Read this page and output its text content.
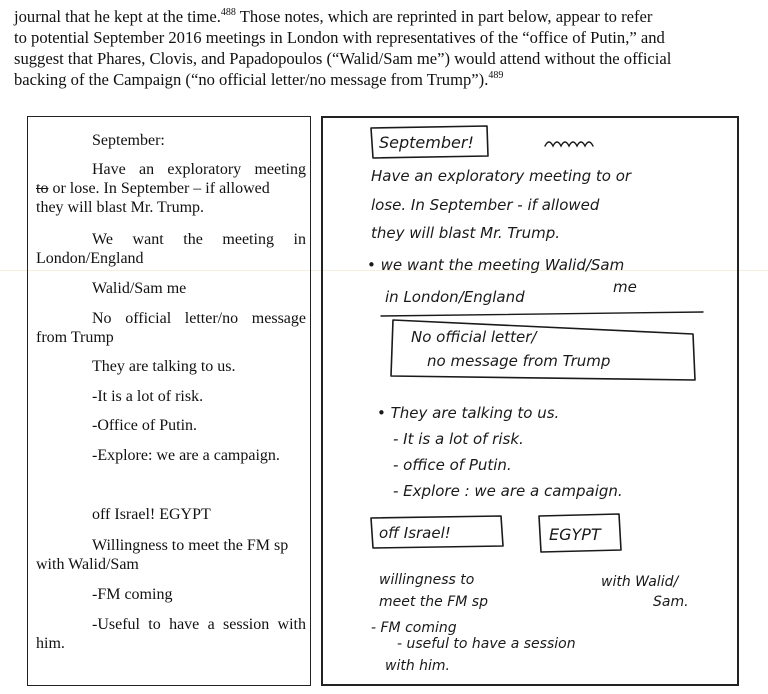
journal that he kept at the time.$^{488}$ Those notes, which are reprinted in part below, appear to refer
to potential September 2016 meetings in London with representatives of the “office of Putin,” and
suggest that Phares, Clovis, and Papadopoulos (“Walid/Sam me”) would attend without the official
backing of the Campaign (“no official letter/no message from Trump”).$^{489}$

September:

Have an exploratory meeting

to or lose. In September – if allowed

they will blast Mr. Trump.

We want the meeting in

London/England

Walid/Sam me

No official letter/no message

from Trump

They are talking to us.

-It is a lot of risk.

-Office of Putin.

-Explore: we are a campaign.

off Israel! EGYPT

Willingness to meet the FM sp

with Walid/Sam

-FM coming

-Useful to have a session with

him.

September!
Have an exploratory meeting to or
lose. In September - if allowed
they will blast Mr. Trump.
• we want the meeting Walid/Sam
me
in London/England
No official letter/
no message from Trump
• They are talking to us.
- It is a lot of risk.
- office of Putin.
- Explore : we are a campaign.
off Israel!	EGYPT
willingness to
meet the FM sp
with Walid/
Sam.
- FM coming
- useful to have a session
with him.
